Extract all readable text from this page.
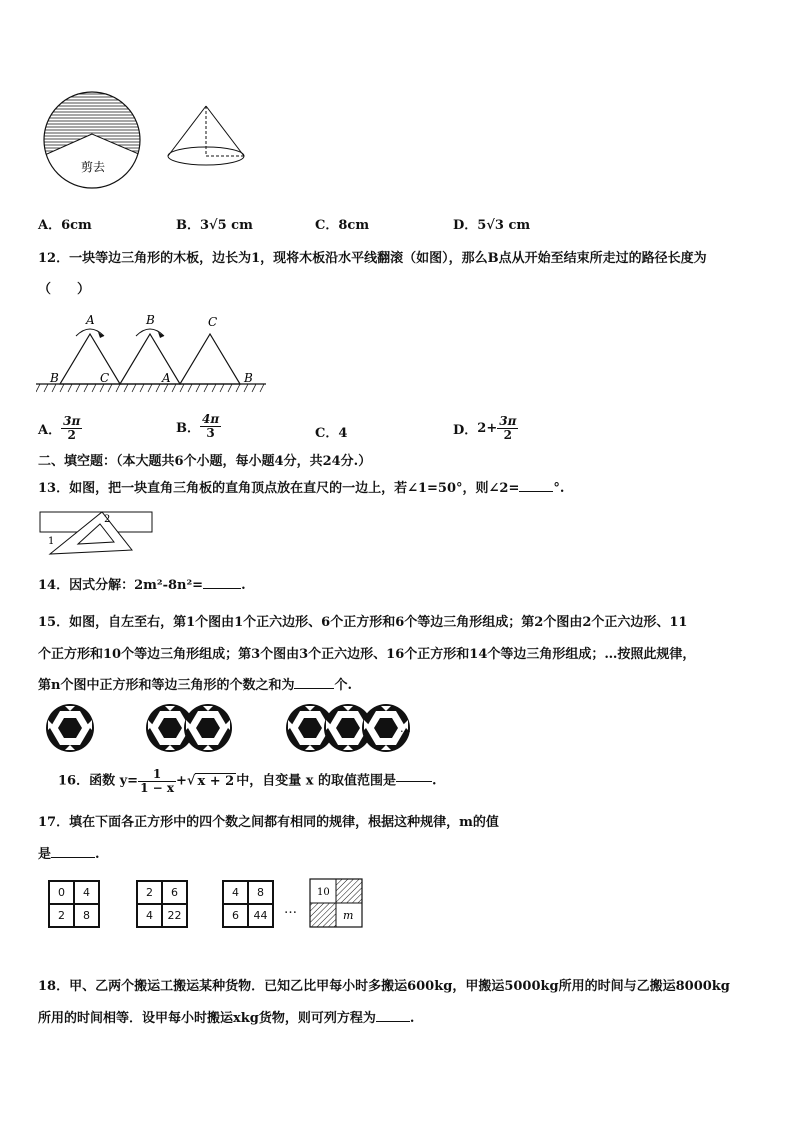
剪去
A．6cm	B．3√5 cm	C．8cm	D．5√3 cm
12．一块等边三角形的木板，边长为1，现将木板沿水平线翻滚（如图），那么B点从开始至结束所走过的路径长度为
（　　）
A	B	C
B	C	A	B
A． $\frac{3\pi}{2}$	B． $\frac{4\pi}{3}$	C．4	D．$2+ \frac{3\pi}{2}$
二、填空题：（本大题共6个小题，每小题4分，共24分.）
13．如图，把一块直角三角板的直角顶点放在直尺的一边上，若∠1=50°，则∠2=	°.
1
2
14．因式分解：2m²-8n²=	.
15．如图，自左至右，第1个图由1个正六边形、6个正方形和6个等边三角形组成；第2个图由2个正六边形、11
个正方形和10个等边三角形组成；第3个图由3个正六边形、16个正方形和14个等边三角形组成；…按照此规律，
第n个图中正方形和等边三角形的个数之和为	个.
…
16．函数 $y= \frac{1}{1 - x}$ +√ x + 2 中，自变量 x 的取值范围是	.
17．填在下面各正方形中的四个数之间都有相同的规律，根据这种规律，m的值
是	.
0	4
2	8
2	6
4	22
4	8
6	44	…
10
m
18．甲、乙两个搬运工搬运某种货物．已知乙比甲每小时多搬运600kg，甲搬运5000kg所用的时间与乙搬运8000kg
所用的时间相等．设甲每小时搬运xkg货物，则可列方程为	.
